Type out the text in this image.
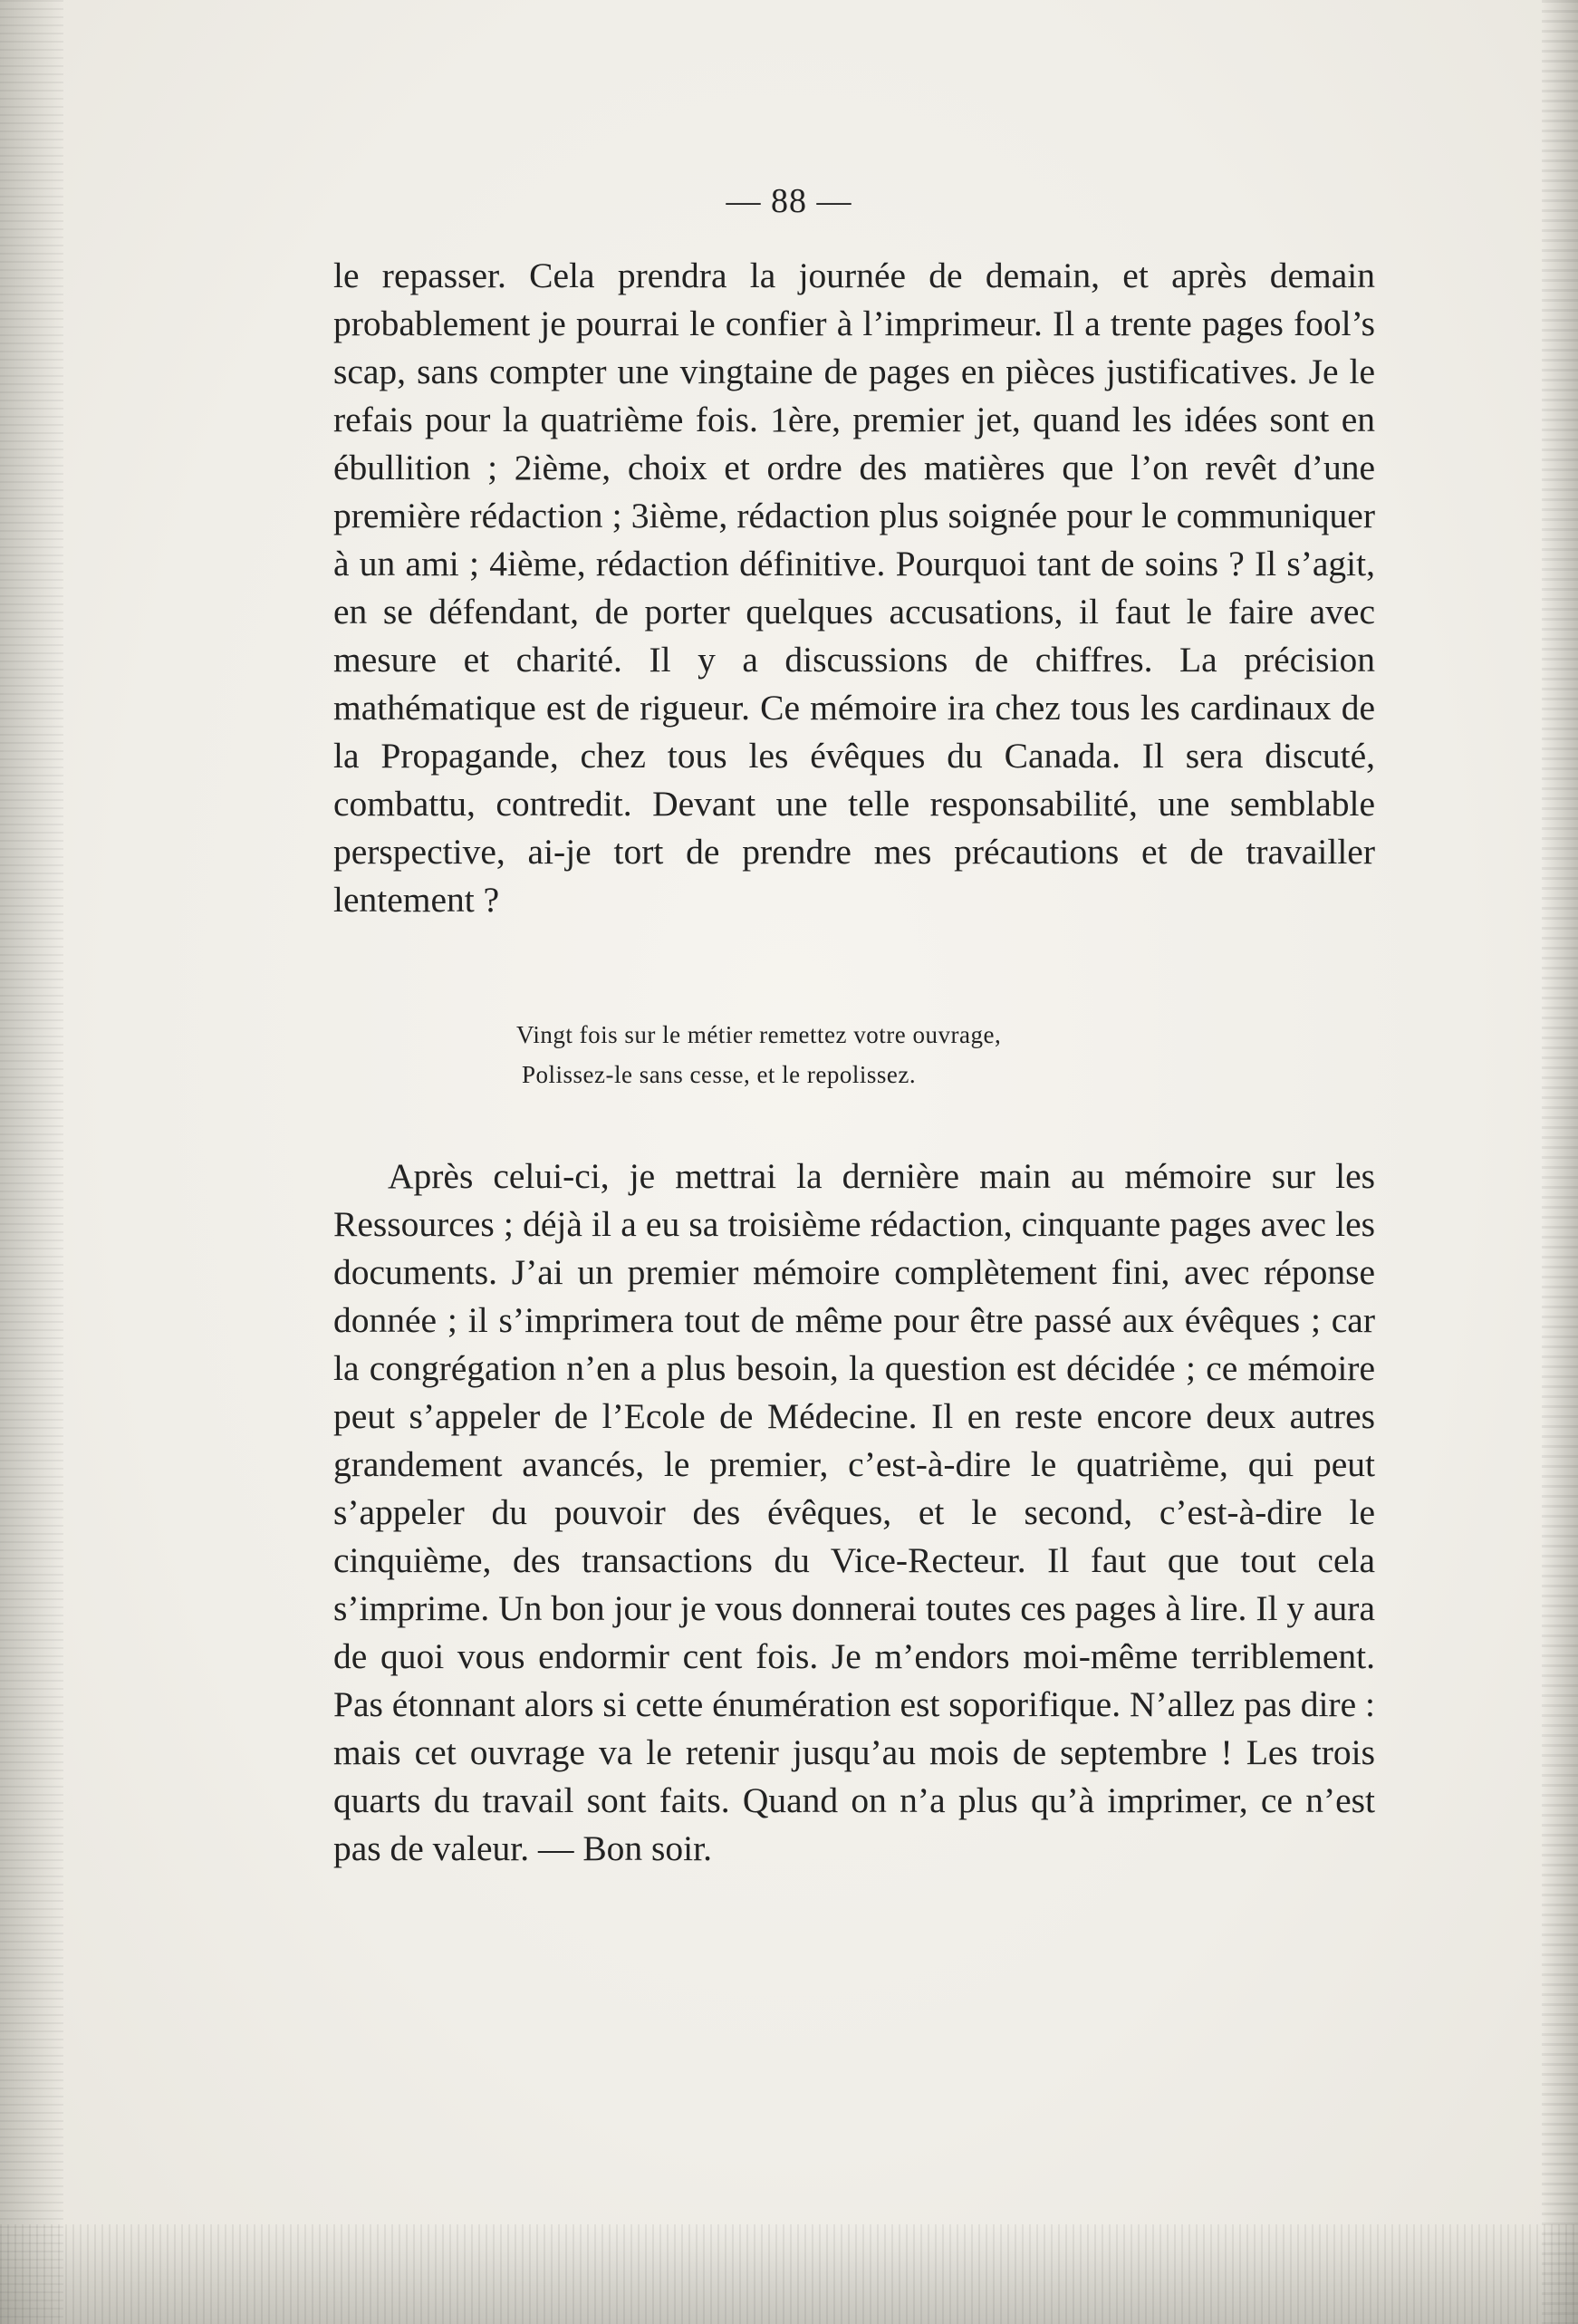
— 88 —

le repasser. Cela prendra la journée de demain, et après demain probablement je pourrai le confier à l’imprimeur. Il a trente pages fool’s scap, sans compter une vingtaine de pages en pièces justificatives. Je le refais pour la quatrième fois. 1ère, premier jet, quand les idées sont en ébullition ; 2ième, choix et ordre des matières que l’on revêt d’une première rédaction ; 3ième, rédaction plus soignée pour le communiquer à un ami ; 4ième, rédaction définitive. Pourquoi tant de soins ? Il s’agit, en se défendant, de porter quelques accusations, il faut le faire avec mesure et charité. Il y a discussions de chiffres. La précision mathématique est de rigueur. Ce mémoire ira chez tous les cardinaux de la Propagande, chez tous les évêques du Canada. Il sera discuté, combattu, contredit. Devant une telle responsabilité, une semblable perspective, ai-je tort de prendre mes précautions et de travailler lentement ?

Vingt fois sur le métier remettez votre ouvrage,
Polissez-le sans cesse, et le repolissez.

Après celui-ci, je mettrai la dernière main au mémoire sur les Ressources ; déjà il a eu sa troisième rédaction, cinquante pages avec les documents. J’ai un premier mémoire complètement fini, avec réponse donnée ; il s’imprimera tout de même pour être passé aux évêques ; car la congrégation n’en a plus besoin, la question est décidée ; ce mémoire peut s’appeler de l’Ecole de Médecine. Il en reste encore deux autres grandement avancés, le premier, c’est-à-dire le quatrième, qui peut s’appeler du pouvoir des évêques, et le second, c’est-à-dire le cinquième, des transactions du Vice-Recteur. Il faut que tout cela s’imprime. Un bon jour je vous donnerai toutes ces pages à lire. Il y aura de quoi vous endormir cent fois. Je m’endors moi-même terriblement. Pas étonnant alors si cette énumération est soporifique. N’allez pas dire : mais cet ouvrage va le retenir jusqu’au mois de septembre ! Les trois quarts du travail sont faits. Quand on n’a plus qu’à imprimer, ce n’est pas de valeur. — Bon soir.
